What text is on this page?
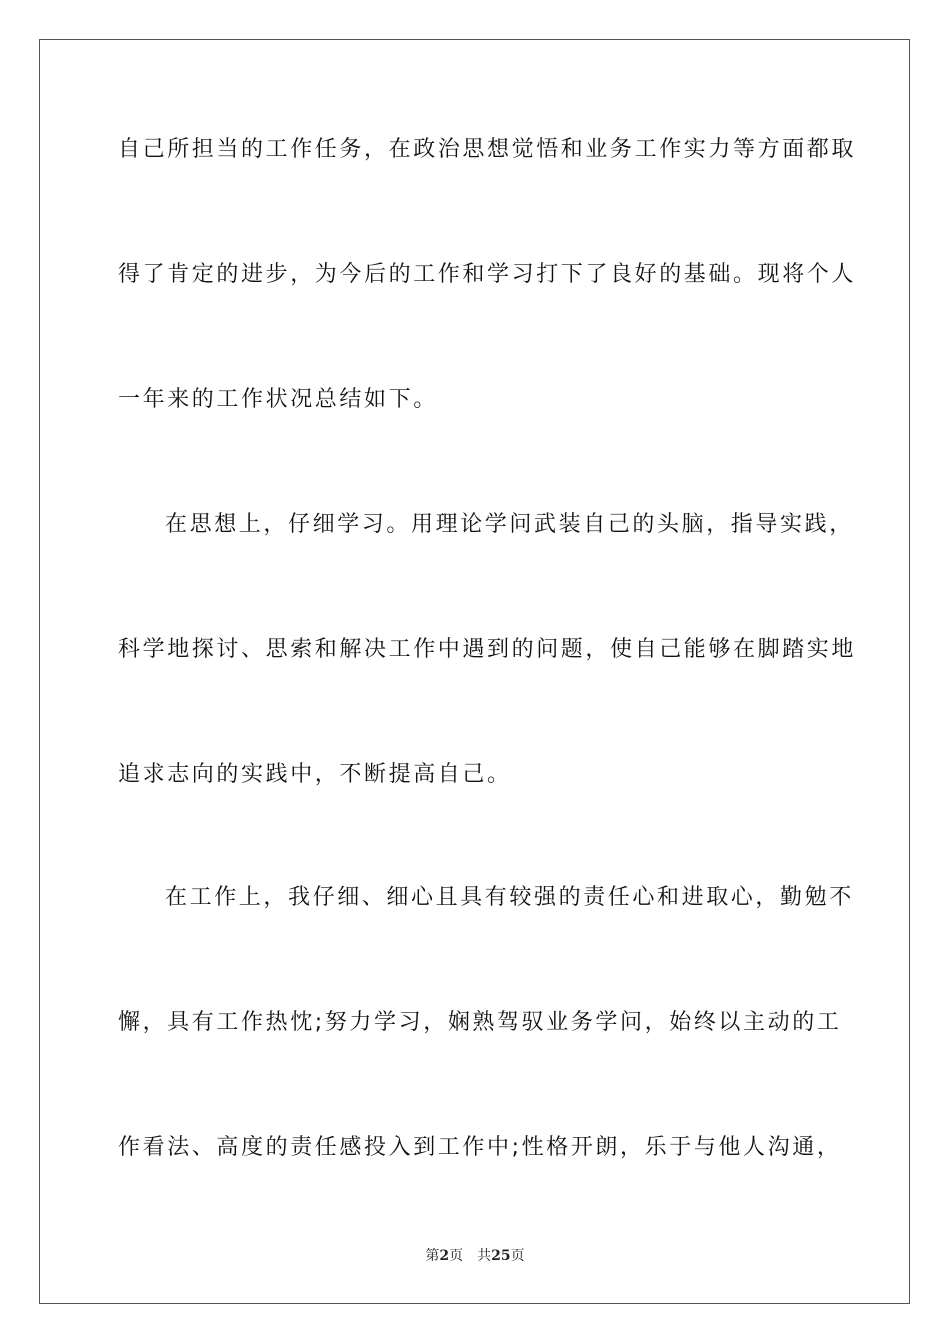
自己所担当的工作任务，在政治思想觉悟和业务工作实力等方面都取
得了肯定的进步，为今后的工作和学习打下了良好的基础。现将个人
一年来的工作状况总结如下。
在思想上，仔细学习。用理论学问武装自己的头脑，指导实践，
科学地探讨、思索和解决工作中遇到的问题，使自己能够在脚踏实地
追求志向的实践中，不断提高自己。
在工作上，我仔细、细心且具有较强的责任心和进取心，勤勉不
懈，具有工作热忱;努力学习，娴熟驾驭业务学问，始终以主动的工
作看法、高度的责任感投入到工作中;性格开朗，乐于与他人沟通，
第2页 共25页
